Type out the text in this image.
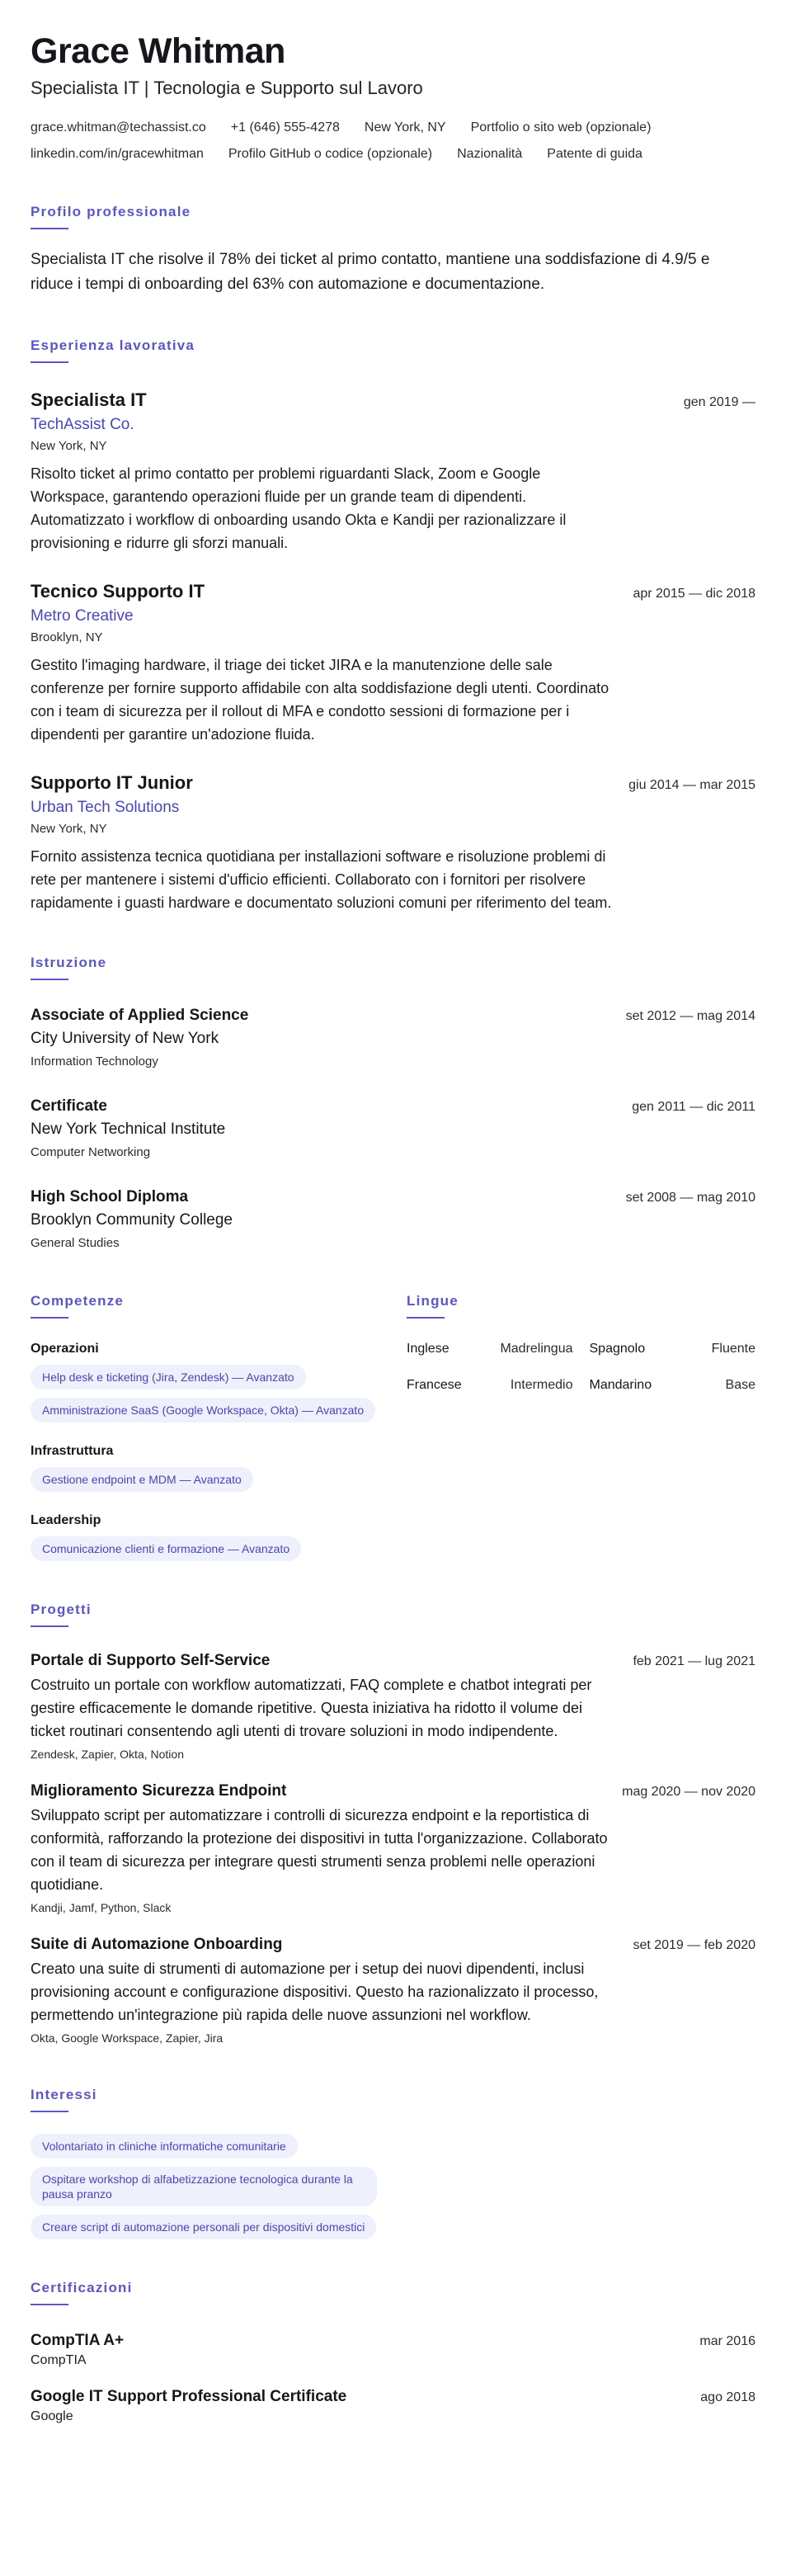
Grace Whitman
Specialista IT | Tecnologia e Supporto sul Lavoro
grace.whitman@techassist.co +1 (646) 555-4278 New York, NY Portfolio o sito web (opzionale)
linkedin.com/in/gracewhitman Profilo GitHub o codice (opzionale) Nazionalità Patente di guida
Profilo professionale

Specialista IT che risolve il 78% dei ticket al primo contatto, mantiene una soddisfazione di 4.9/5 e riduce i tempi di onboarding del 63% con automazione e documentazione.

Esperienza lavorativa
Specialista IT	gen 2019 —
TechAssist Co.
New York, NY

Risolto ticket al primo contatto per problemi riguardanti Slack, Zoom e Google Workspace, garantendo operazioni fluide per un grande team di dipendenti. Automatizzato i workflow di onboarding usando Okta e Kandji per razionalizzare il provisioning e ridurre gli sforzi manuali.

Tecnico Supporto IT	apr 2015 — dic 2018
Metro Creative
Brooklyn, NY

Gestito l'imaging hardware, il triage dei ticket JIRA e la manutenzione delle sale conferenze per fornire supporto affidabile con alta soddisfazione degli utenti. Coordinato con i team di sicurezza per il rollout di MFA e condotto sessioni di formazione per i dipendenti per garantire un'adozione fluida.

Supporto IT Junior	giu 2014 — mar 2015
Urban Tech Solutions
New York, NY

Fornito assistenza tecnica quotidiana per installazioni software e risoluzione problemi di rete per mantenere i sistemi d'ufficio efficienti. Collaborato con i fornitori per risolvere rapidamente i guasti hardware e documentato soluzioni comuni per riferimento del team.

Istruzione
Associate of Applied Science	set 2012 — mag 2014
City University of New York
Information Technology
Certificate	gen 2011 — dic 2011
New York Technical Institute
Computer Networking
High School Diploma	set 2008 — mag 2010
Brooklyn Community College
General Studies
Competenze
Operazioni
Help desk e ticketing (Jira, Zendesk) — Avanzato
Amministrazione SaaS (Google Workspace, Okta) — Avanzato
Infrastruttura
Gestione endpoint e MDM — Avanzato
Leadership
Comunicazione clienti e formazione — Avanzato
Lingue
Inglese	Madrelingua Spagnolo	Fluente
Francese	Intermedio Mandarino	Base
Progetti
Portale di Supporto Self-Service	feb 2021 — lug 2021

Costruito un portale con workflow automatizzati, FAQ complete e chatbot integrati per gestire efficacemente le domande ripetitive. Questa iniziativa ha ridotto il volume dei ticket routinari consentendo agli utenti di trovare soluzioni in modo indipendente.

Zendesk, Zapier, Okta, Notion
Miglioramento Sicurezza Endpoint	mag 2020 — nov 2020

Sviluppato script per automatizzare i controlli di sicurezza endpoint e la reportistica di conformità, rafforzando la protezione dei dispositivi in tutta l'organizzazione. Collaborato con il team di sicurezza per integrare questi strumenti senza problemi nelle operazioni quotidiane.

Kandji, Jamf, Python, Slack
Suite di Automazione Onboarding	set 2019 — feb 2020

Creato una suite di strumenti di automazione per i setup dei nuovi dipendenti, inclusi provisioning account e configurazione dispositivi. Questo ha razionalizzato il processo, permettendo un'integrazione più rapida delle nuove assunzioni nel workflow.

Okta, Google Workspace, Zapier, Jira
Interessi
Volontariato in cliniche informatiche comunitarie
Ospitare workshop di alfabetizzazione tecnologica durante la pausa pranzo
Creare script di automazione personali per dispositivi domestici
Certificazioni
CompTIA A+	mar 2016
CompTIA
Google IT Support Professional Certificate	ago 2018
Google
